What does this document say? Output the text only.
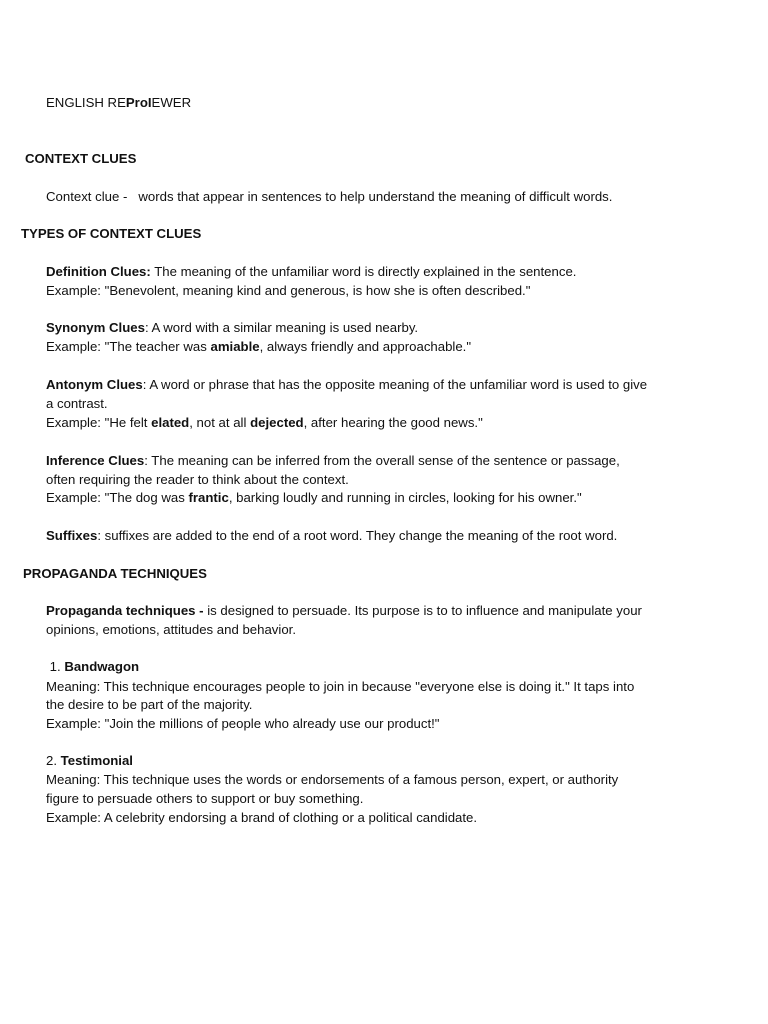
ENGLISH REProIEWER
CONTEXT CLUES
Context clue -   words that appear in sentences to help understand the meaning of difficult words.
TYPES OF CONTEXT CLUES
Definition Clues: The meaning of the unfamiliar word is directly explained in the sentence.
Example: "Benevolent, meaning kind and generous, is how she is often described."
Synonym Clues: A word with a similar meaning is used nearby.
Example: "The teacher was amiable, always friendly and approachable."
Antonym Clues: A word or phrase that has the opposite meaning of the unfamiliar word is used to give
a contrast.
Example: "He felt elated, not at all dejected, after hearing the good news."
Inference Clues: The meaning can be inferred from the overall sense of the sentence or passage,
often requiring the reader to think about the context.
Example: "The dog was frantic, barking loudly and running in circles, looking for his owner."
Suffixes: suffixes are added to the end of a root word. They change the meaning of the root word.
PROPAGANDA TECHNIQUES
Propaganda techniques - is designed to persuade. Its purpose is to to influence and manipulate your
opinions, emotions, attitudes and behavior.
1. Bandwagon
Meaning: This technique encourages people to join in because "everyone else is doing it." It taps into
the desire to be part of the majority.
Example: "Join the millions of people who already use our product!"
2. Testimonial
Meaning: This technique uses the words or endorsements of a famous person, expert, or authority
figure to persuade others to support or buy something.
Example: A celebrity endorsing a brand of clothing or a political candidate.
